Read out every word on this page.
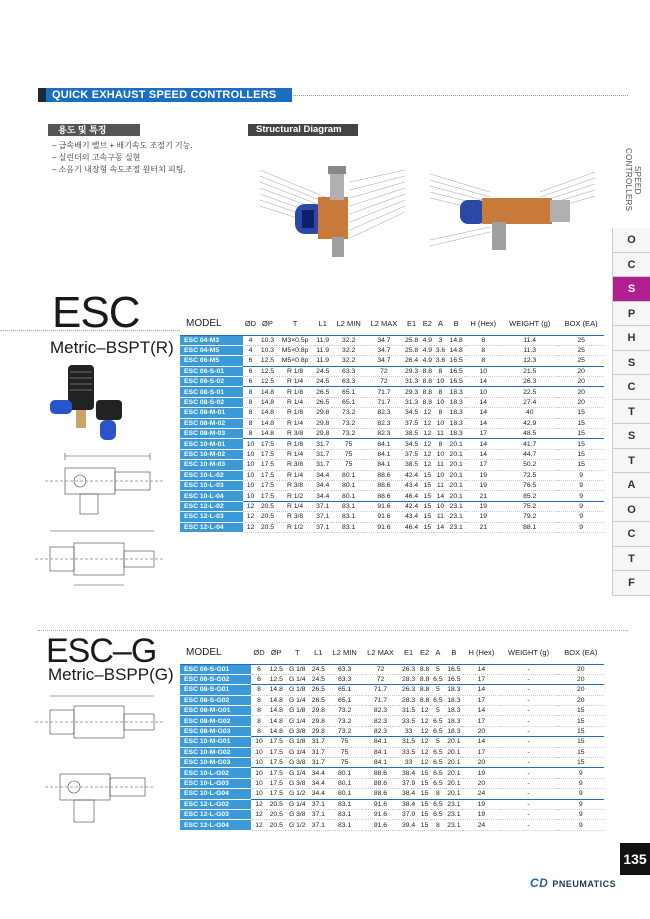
QUICK EXHAUST SPEED CONTROLLERS
용도 및 특징
– 급속배기 밸브 + 배기속도 조절기 기능.
– 실린더의 고속구동 실현
– 소음기 내장형 속도조절 원터치 피팅.
Structural Diagram
SPEED CONTROLLERS
O
C
S
P
H
S
C
T
S
T
A
O
C
T
F
ESC
Metric–BSPT(R)
MODEL	ØD	ØP	T	L1	L2 MIN	L2 MAX	E1	E2	A	B	H (Hex)	WEIGHT (g)	BOX (EA)
ESC 04-M3	4	10.3	M3×0.5p	11.9	32.2	34.7	25.8	4.9	3	14.8	8	11.4	25
ESC 04-M5	4	10.3	M5×0.8p	11.9	32.2	34.7	25.8	4.9	3.6	14.8	8	11.3	25
ESC 06-M5	6	12.5	M5×0.8p	11.9	32.2	34.7	26.4	4.9	3.6	16.5	8	12.3	25
ESC 06-S-01	6	12.5	R 1/8	24.5	63.3	72	29.3	8.8	8	16.5	10	21.5	20
ESC 06-S-02	6	12.5	R 1/4	24.5	63.3	72	31.3	8.8	10	16.5	14	26.3	20
ESC 08-S-01	8	14.8	R 1/8	26.5	65.1	71.7	29.3	8.8	8	18.3	10	22.5	20
ESC 08-S-02	8	14.8	R 1/4	26.5	65.1	71.7	31.3	8.8	10	18.3	14	27.4	20
ESC 08-M-01	8	14.8	R 1/8	29.8	73.2	82.3	34.5	12	8	18.3	14	40	15
ESC 08-M-02	8	14.8	R 1/4	29.8	73.2	82.3	37.5	12	10	18.3	14	42.9	15
ESC 08-M-03	8	14.8	R 3/8	29.8	73.2	82.3	38.5	12	11	18.3	17	48.5	15
ESC 10-M-01	10	17.5	R 1/8	31.7	75	84.1	34.5	12	8	20.1	14	41.7	15
ESC 10-M-02	10	17.5	R 1/4	31.7	75	84.1	37.5	12	10	20.1	14	44.7	15
ESC 10-M-03	10	17.5	R 3/8	31.7	75	84.1	38.5	12	11	20.1	17	50.2	15
ESC 10-L-02	10	17.5	R 1/4	34.4	80.1	88.6	42.4	15	10	20.1	19	72.5	9
ESC 10-L-03	10	17.5	R 3/8	34.4	80.1	88.6	43.4	15	11	20.1	19	76.5	9
ESC 10-L-04	10	17.5	R 1/2	34.4	80.1	88.6	46.4	15	14	20.1	21	85.2	9
ESC 12-L-02	12	20.5	R 1/4	37.1	83.1	91.6	42.4	15	10	23.1	19	75.2	9
ESC 12-L-03	12	20.5	R 3/8	37.1	83.1	91.6	43.4	15	11	23.1	19	79.2	9
ESC 12-L-04	12	20.5	R 1/2	37.1	83.1	91.6	46.4	15	14	23.1	21	88.1	9
ESC–G
Metric–BSPP(G)
MODEL	ØD	ØP	T	L1	L2 MIN	L2 MAX	E1	E2	A	B	H (Hex)	WEIGHT (g)	BOX (EA)
ESC 06-S-G01	6	12.5	G 1/8	24.5	63.3	72	26.3	8.8	5	16.5	14	-	20
ESC 06-S-G02	6	12.5	G 1/4	24.5	63.3	72	28.3	8.8	6.5	16.5	17	-	20
ESC 08-S-G01	8	14.8	G 1/8	26.5	65.1	71.7	26.3	8.8	5	18.3	14	-	20
ESC 08-S-G02	8	14.8	G 1/4	26.5	65.1	71.7	28.3	8.8	6.5	18.3	17	-	20
ESC 08-M-G01	8	14.8	G 1/8	29.8	73.2	82.3	31.5	12	5	18.3	14	-	15
ESC 08-M-G02	8	14.8	G 1/4	29.8	73.2	82.3	33.5	12	6.5	18.3	17	-	15
ESC 08-M-G03	8	14.8	G 3/8	29.8	73.2	82.3	33	12	6.5	18.3	20	-	15
ESC 10-M-G01	10	17.5	G 1/8	31.7	75	84.1	31.5	12	5	20.1	14	-	15
ESC 10-M-G02	10	17.5	G 1/4	31.7	75	84.1	33.5	12	6.5	20.1	17	-	15
ESC 10-M-G03	10	17.5	G 3/8	31.7	75	84.1	33	12	6.5	20.1	20	-	15
ESC 10-L-G02	10	17.5	G 1/4	34.4	80.1	88.6	38.4	15	6.5	20.1	19	-	9
ESC 10-L-G03	10	17.5	G 3/8	34.4	80.1	88.6	37.9	15	6.5	20.1	20	-	9
ESC 10-L-G04	10	17.5	G 1/2	34.4	80.1	88.6	38.4	15	8	20.1	24	-	9
ESC 12-L-G02	12	20.5	G 1/4	37.1	83.1	91.6	38.4	15	6.5	23.1	19	-	9
ESC 12-L-G03	12	20.5	G 3/8	37.1	83.1	91.6	37.9	15	6.5	23.1	19	-	9
ESC 12-L-G04	12	20.5	G 1/2	37.1	83.1	91.6	39.4	15	8	23.1	24	-	9
135
CD PNEUMATICS
